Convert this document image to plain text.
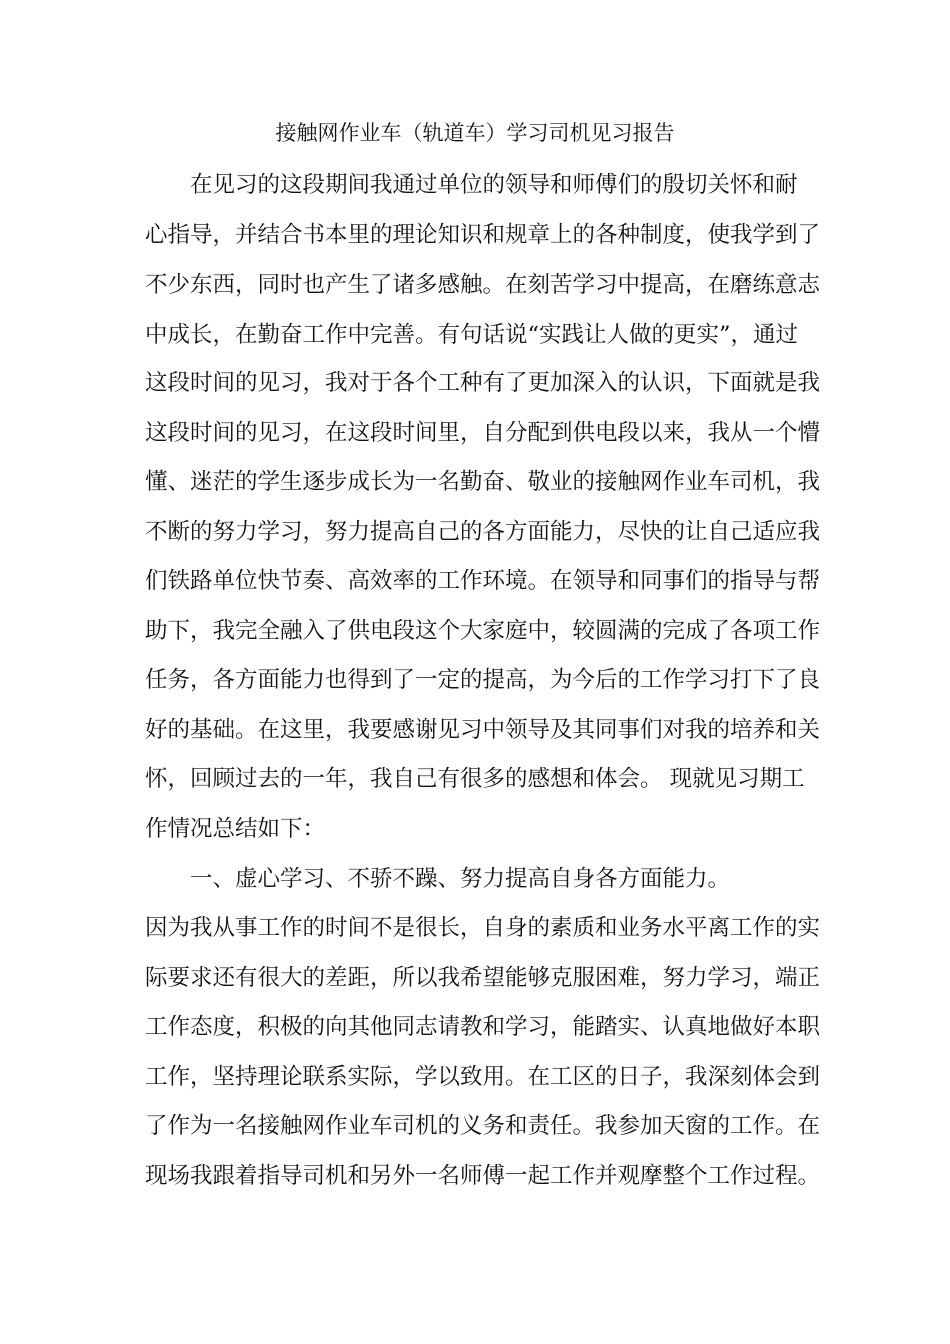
接触网作业车（轨道车）学习司机见习报告
在见习的这段期间我通过单位的领导和师傅们的殷切关怀和耐
心指导，并结合书本里的理论知识和规章上的各种制度，使我学到了
不少东西，同时也产生了诸多感触。在刻苦学习中提高，在磨练意志
中成长，在勤奋工作中完善。有句话说“实践让人做的更实”，通过
这段时间的见习，我对于各个工种有了更加深入的认识，下面就是我
这段时间的见习，在这段时间里，自分配到供电段以来，我从一个懵
懂、迷茫的学生逐步成长为一名勤奋、敬业的接触网作业车司机，我
不断的努力学习，努力提高自己的各方面能力，尽快的让自己适应我
们铁路单位快节奏、高效率的工作环境。在领导和同事们的指导与帮
助下，我完全融入了供电段这个大家庭中，较圆满的完成了各项工作
任务，各方面能力也得到了一定的提高，为今后的工作学习打下了良
好的基础。在这里，我要感谢见习中领导及其同事们对我的培养和关
怀，回顾过去的一年，我自己有很多的感想和体会。 现就见习期工
作情况总结如下：
一、虚心学习、不骄不躁、努力提高自身各方面能力。
因为我从事工作的时间不是很长，自身的素质和业务水平离工作的实
际要求还有很大的差距，所以我希望能够克服困难，努力学习，端正
工作态度，积极的向其他同志请教和学习，能踏实、认真地做好本职
工作，坚持理论联系实际，学以致用。在工区的日子，我深刻体会到
了作为一名接触网作业车司机的义务和责任。我参加天窗的工作。在
现场我跟着指导司机和另外一名师傅一起工作并观摩整个工作过程。
